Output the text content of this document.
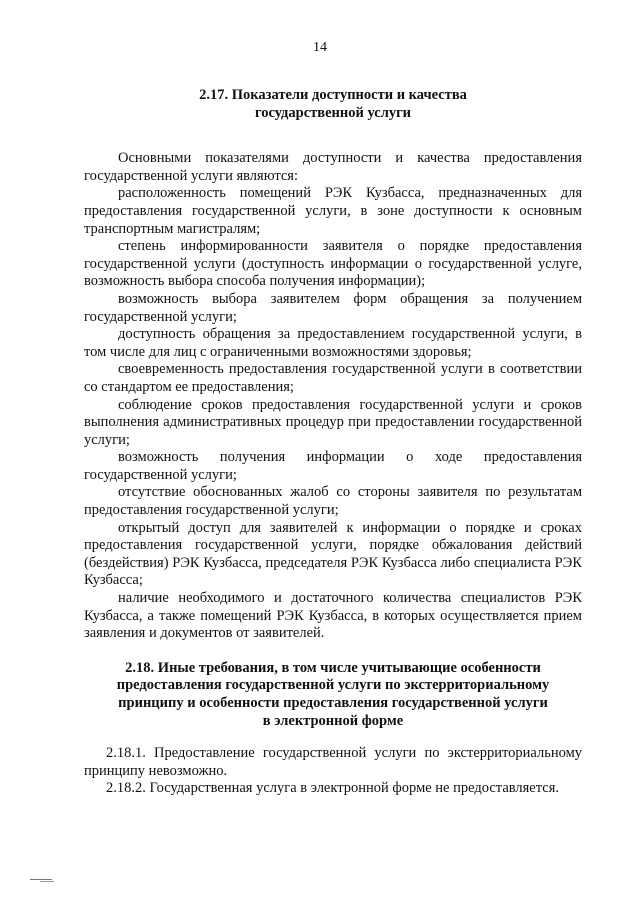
14
2.17. Показатели доступности и качества
государственной услуги

Основными показателями доступности и качества предоставления государственной услуги являются:

расположенность помещений РЭК Кузбасса, предназначенных для предоставления государственной услуги, в зоне доступности к основным транспортным магистралям;

степень информированности заявителя о порядке предоставления государственной услуги (доступность информации о государственной услуге, возможность выбора способа получения информации);

возможность выбора заявителем форм обращения за получением государственной услуги;

доступность обращения за предоставлением государственной услуги, в том числе для лиц с ограниченными возможностями здоровья;

своевременность предоставления государственной услуги в соответствии со стандартом ее предоставления;

соблюдение сроков предоставления государственной услуги и сроков выполнения административных процедур при предоставлении государственной услуги;

возможность получения информации о ходе предоставления государственной услуги;

отсутствие обоснованных жалоб со стороны заявителя по результатам предоставления государственной услуги;

открытый доступ для заявителей к информации о порядке и сроках предоставления государственной услуги, порядке обжалования действий (бездействия) РЭК Кузбасса, председателя РЭК Кузбасса либо специалиста РЭК Кузбасса;

наличие необходимого и достаточного количества специалистов РЭК Кузбасса, а также помещений РЭК Кузбасса, в которых осуществляется прием заявления и документов от заявителей.

2.18. Иные требования, в том числе учитывающие особенности
предоставления государственной услуги по экстерриториальному
принципу и особенности предоставления государственной услуги
в электронной форме

2.18.1. Предоставление государственной услуги по экстерриториальному принципу невозможно.

2.18.2. Государственная услуга в электронной форме не предоставляется.
